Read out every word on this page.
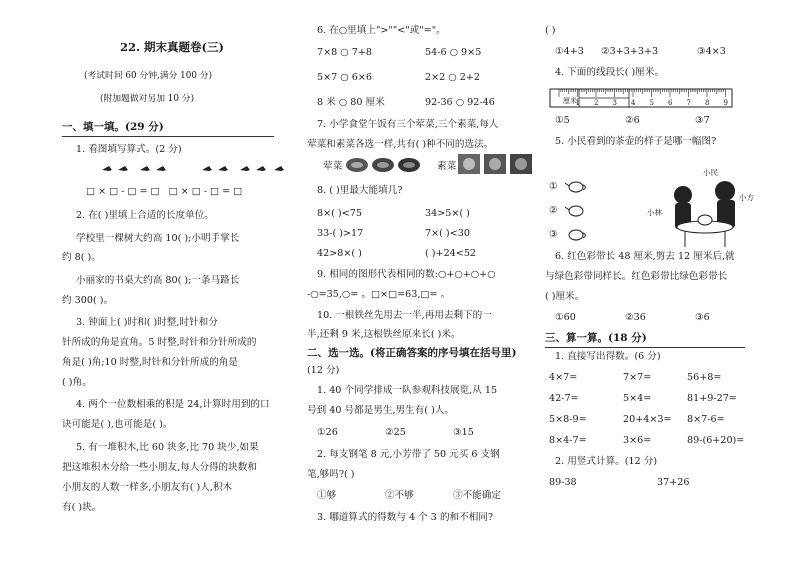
22. 期末真题卷(三)
(考试时间 60 分钟,满分 100 分)
(附加题做对另加 10 分)
一、填一填。(29 分)
1. 看图填写算式。(2 分)
□×□-□=□ □×□-□=□
2. 在( )里填上合适的长度单位。
学校里一棵树大约高 10( );小明手掌长
约 8( )。
小丽家的书桌大约高 80( );一条马路长
约 300( )。
3. 钟面上( )时和( )时整,时针和分
针所成的角是直角。5 时整,时针和分针所成的
角是( )角;10 时整,时针和分针所成的角是
( )角。
4. 两个一位数相乘的积是 24,计算时用到的口
诀可能是( ),也可能是( )。
5. 有一堆积木,比 60 块多,比 70 块少,如果
把这堆积木分给一些小朋友,每人分得的块数和
小朋友的人数一样多,小朋友有( )人,积木
有( )块。
6. 在○里填上">""<"或"="。
7×8 ○ 7+8	54-6 ○ 9×5
5×7 ○ 6×6	2×2 ○ 2+2
8 米 ○ 80 厘米	92-36 ○ 92-46
7. 小学食堂午饭有三个荤菜,三个素菜,每人
荤菜和素菜各选一样,共有( )种不同的选法。
荤菜	素菜
8. ( )里最大能填几?
8×( )<75	34>5×( )
33-( )>17	7×( )<30
42>8×( )	( )+24<52
9. 相同的图形代表相同的数:○+○+○+○
-○=35,○= 。□×□=63,□= 。
10. 一根铁丝先用去一半,再用去剩下的一
半,还剩 9 米,这根铁丝原来长( )米。
二、选一选。(将正确答案的序号填在括号里)
(12 分)
1. 40 个同学排成一队参观科技展览,从 15
号到 40 号都是男生,男生有( )人。
①26	②25	③15
2. 每支钢笔 8 元,小芳带了 50 元买 6 支钢
笔,够吗?( )
①够	②不够	③不能确定
3. 哪道算式的得数与 4 个 3 的和不相同?
( )
①4+3 ②3+3+3+3	③4×3
4. 下面的线段长( )厘米。
1 2 3 4 5 6 7 8 9
厘米
①5	②6	③7
5. 小民看到的茶壶的样子是哪一幅图?
①
②
③
小民
小方
小林
6. 红色彩带长 48 厘米,剪去 12 厘米后,就
与绿色彩带同样长。红色彩带比绿色彩带长
( )厘米。
①60	②36	③6
三、算一算。(18 分)
1. 直接写出得数。(6 分)
4×7=	7×7=	56+8=
42-7=	5×4=	81+9-27=
5×8-9=	20+4×3= 8×7-6=
8×4-7=	3×6=	89-(6+20)=
2. 用竖式计算。(12 分)
89-38	37+26
